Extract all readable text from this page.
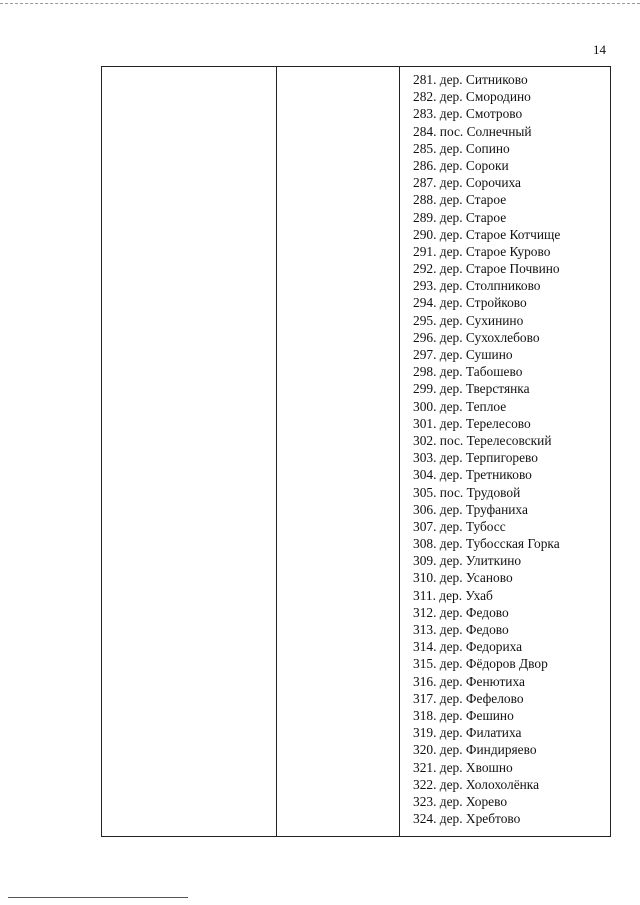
14
281. дер. Ситниково
282. дер. Смородино
283. дер. Смотрово
284. пос. Солнечный
285. дер. Сопино
286. дер. Сороки
287. дер. Сорочиха
288. дер. Старое
289. дер. Старое
290. дер. Старое Котчище
291. дер. Старое Курово
292. дер. Старое Почвино
293. дер. Столпниково
294. дер. Стройково
295. дер. Сухинино
296. дер. Сухохлебово
297. дер. Сушино
298. дер. Табошево
299. дер. Тверстянка
300. дер. Теплое
301. дер. Терелесово
302. пос. Терелесовский
303. дер. Терпигорево
304. дер. Третниково
305. пос. Трудовой
306. дер. Труфаниха
307. дер. Тубосс
308. дер. Тубосская Горка
309. дер. Улиткино
310. дер. Усаново
311. дер. Ухаб
312. дер. Федово
313. дер. Федово
314. дер. Федориха
315. дер. Фёдоров Двор
316. дер. Фенютиха
317. дер. Фефелово
318. дер. Фешино
319. дер. Филатиха
320. дер. Финдиряево
321. дер. Хвошно
322. дер. Холохолёнка
323. дер. Хорево
324. дер. Хребтово
